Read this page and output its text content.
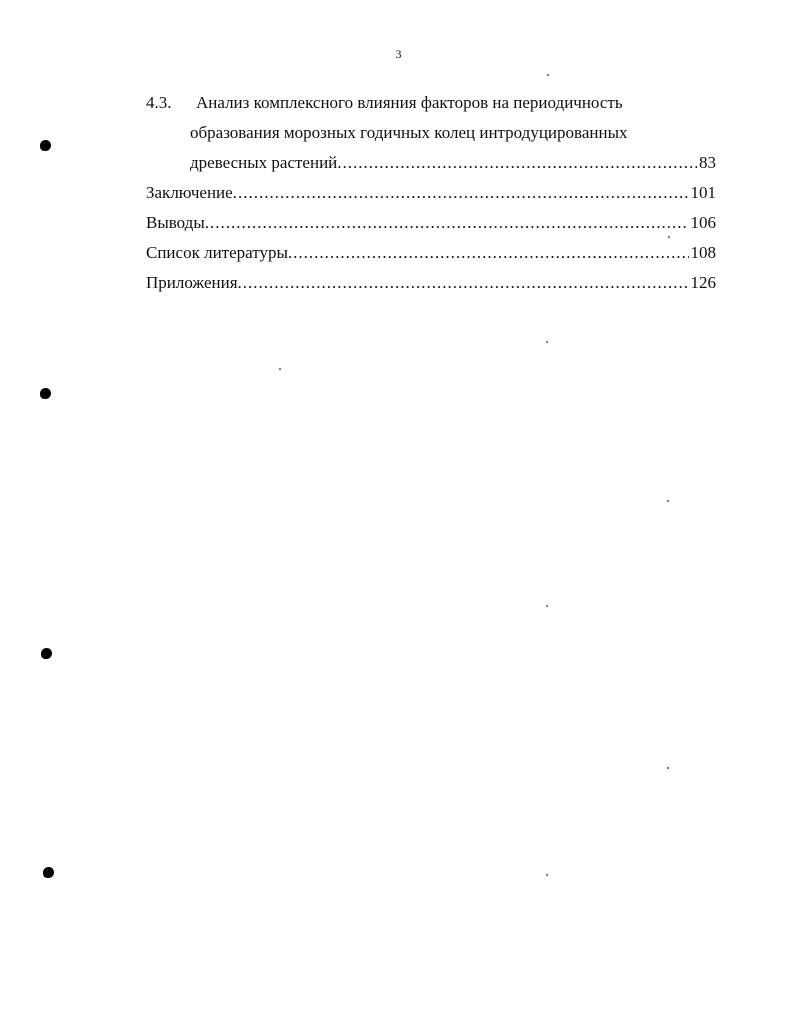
3
4.3.	Анализ комплексного влияния факторов на периодичность
образования морозных годичных колец интродуцированных
древесных растений .....	83
Заключение .....	101
Выводы .....	106
Список литературы .....	108
Приложения .....	126
